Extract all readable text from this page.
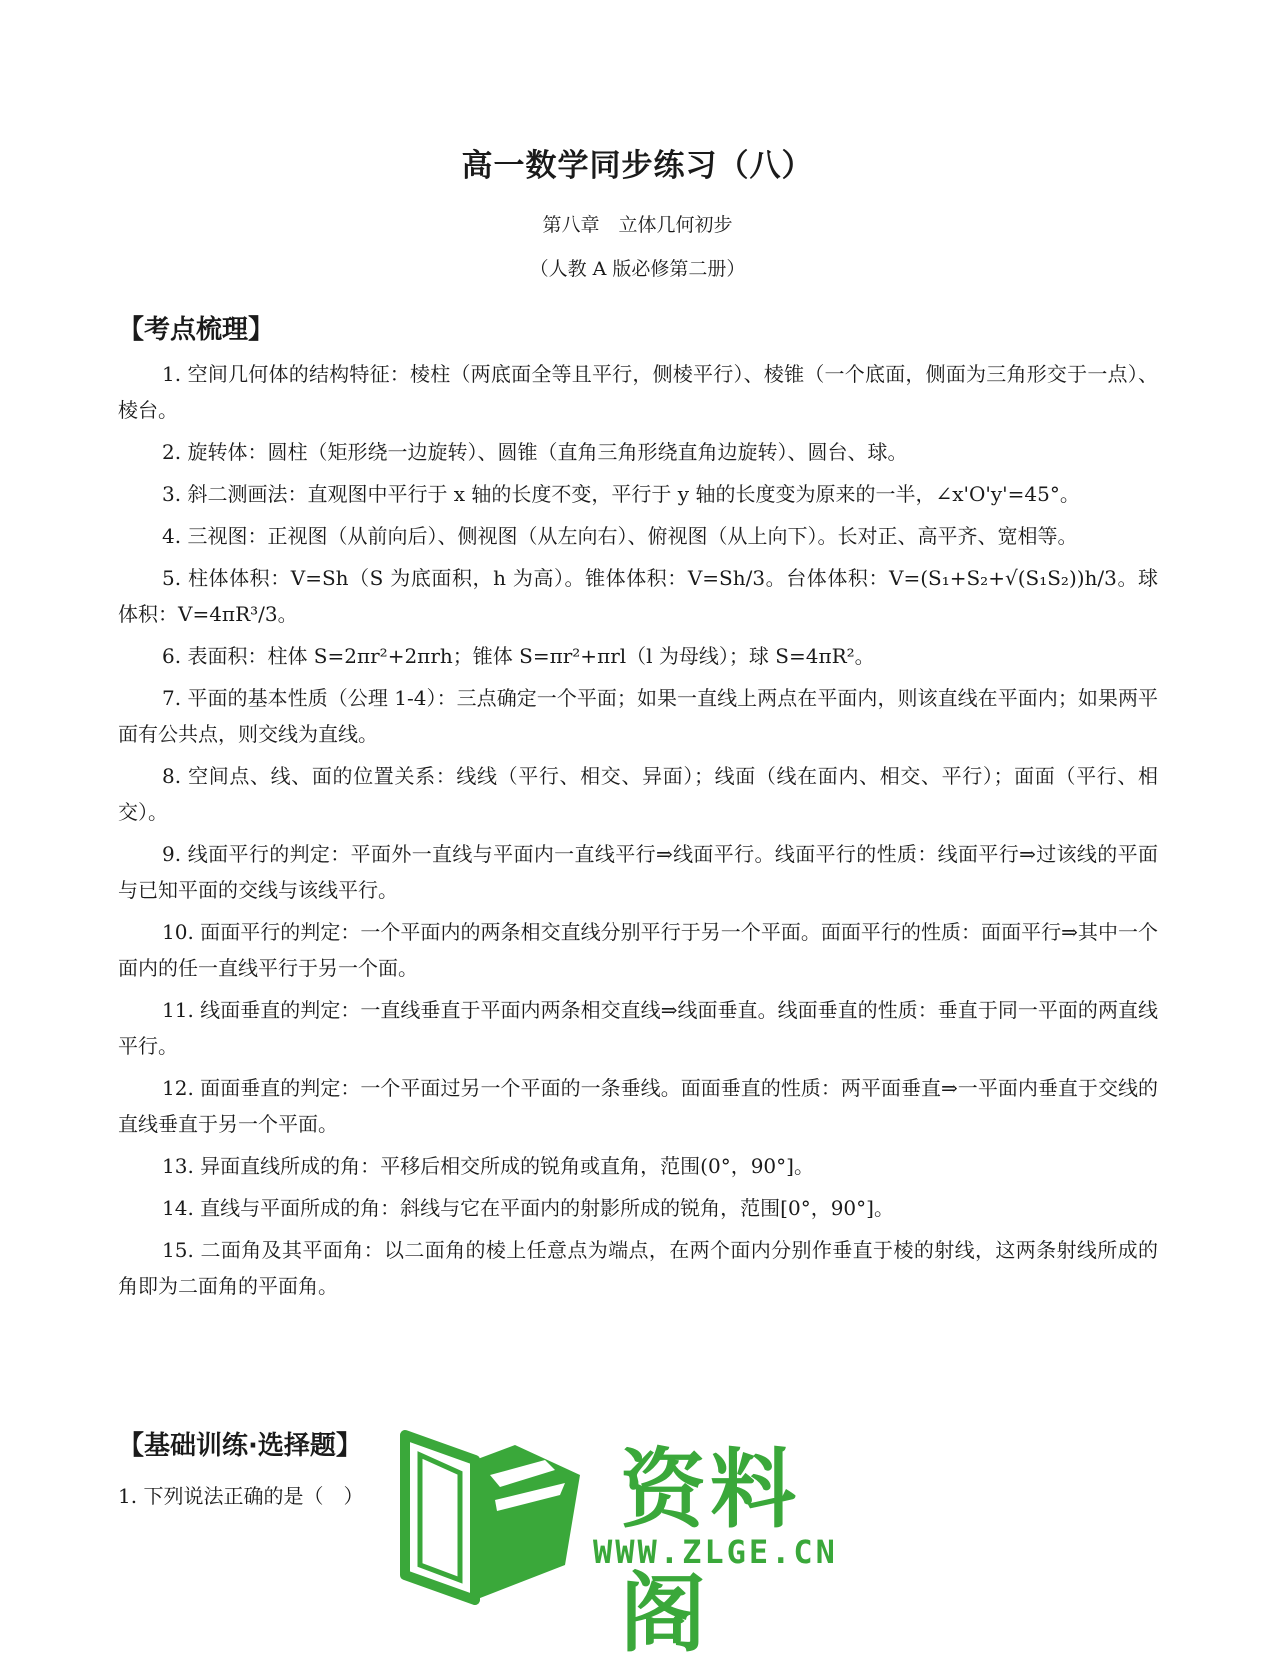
高一数学同步练习（八）
第八章　立体几何初步
（人教 A 版必修第二册）
【考点梳理】

1. 空间几何体的结构特征：棱柱（两底面全等且平行，侧棱平行）、棱锥（一个底面，侧面为三角形交于一点）、棱台。

2. 旋转体：圆柱（矩形绕一边旋转）、圆锥（直角三角形绕直角边旋转）、圆台、球。

3. 斜二测画法：直观图中平行于 x 轴的长度不变，平行于 y 轴的长度变为原来的一半，∠x'O'y'=45°。

4. 三视图：正视图（从前向后）、侧视图（从左向右）、俯视图（从上向下）。长对正、高平齐、宽相等。

5. 柱体体积：V=Sh（S 为底面积，h 为高）。锥体体积：V=Sh/3。台体体积：V=(S₁+S₂+√(S₁S₂))h/3。球体积：V=4πR³/3。

6. 表面积：柱体 S=2πr²+2πrh；锥体 S=πr²+πrl（l 为母线）；球 S=4πR²。

7. 平面的基本性质（公理 1-4）：三点确定一个平面；如果一直线上两点在平面内，则该直线在平面内；如果两平面有公共点，则交线为直线。

8. 空间点、线、面的位置关系：线线（平行、相交、异面）；线面（线在面内、相交、平行）；面面（平行、相交）。

9. 线面平行的判定：平面外一直线与平面内一直线平行⇒线面平行。线面平行的性质：线面平行⇒过该线的平面与已知平面的交线与该线平行。

10. 面面平行的判定：一个平面内的两条相交直线分别平行于另一个平面。面面平行的性质：面面平行⇒其中一个面内的任一直线平行于另一个面。

11. 线面垂直的判定：一直线垂直于平面内两条相交直线⇒线面垂直。线面垂直的性质：垂直于同一平面的两直线平行。

12. 面面垂直的判定：一个平面过另一个平面的一条垂线。面面垂直的性质：两平面垂直⇒一平面内垂直于交线的直线垂直于另一个平面。

13. 异面直线所成的角：平移后相交所成的锐角或直角，范围(0°，90°]。

14. 直线与平面所成的角：斜线与它在平面内的射影所成的锐角，范围[0°，90°]。

15. 二面角及其平面角：以二面角的棱上任意点为端点，在两个面内分别作垂直于棱的射线，这两条射线所成的角即为二面角的平面角。

【基础训练·选择题】
1. 下列说法正确的是（　）	资料阁
WWW.ZLGE.CN
